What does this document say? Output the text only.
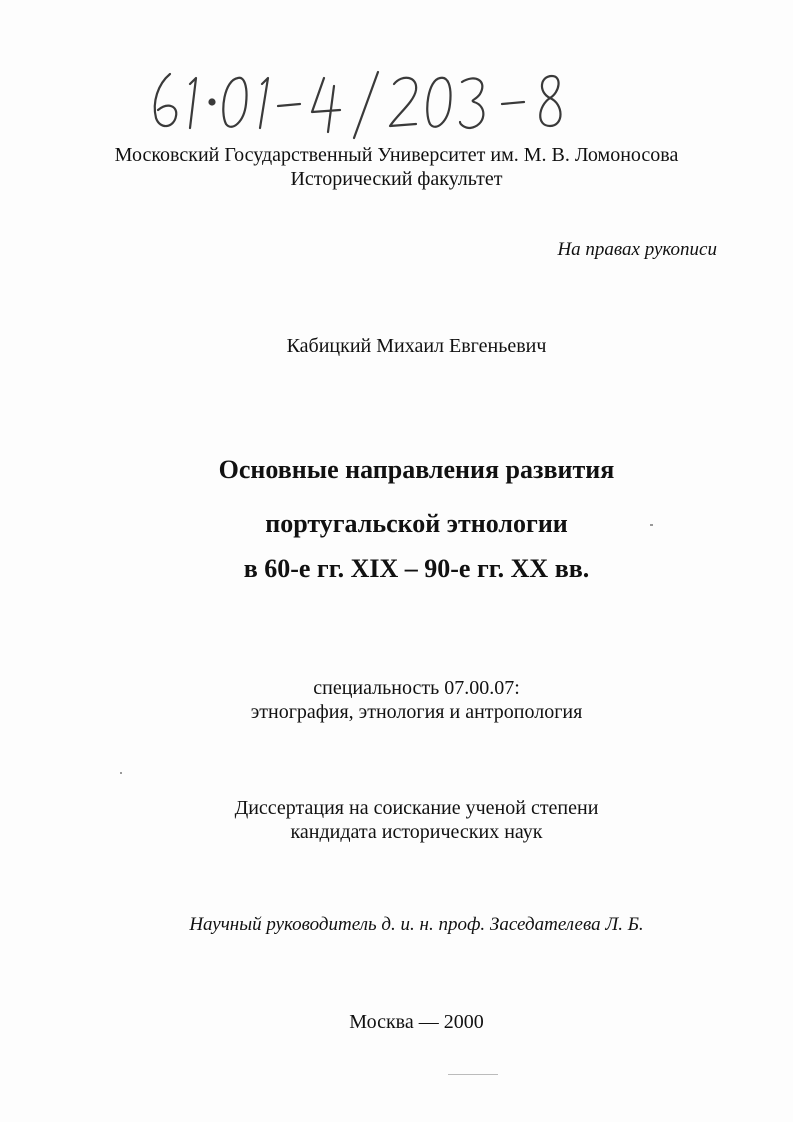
Московский Государственный Университет им. М. В. Ломоносова
Исторический факультет
На правах рукописи
Кабицкий Михаил Евгеньевич
Основные направления развития
португальской этнологии
в 60-е гг. XIX – 90-е гг. XX вв.
специальность 07.00.07:
этнография, этнология и антропология
Диссертация на соискание ученой степени
кандидата исторических наук
Научный руководитель д. и. н. проф. Заседателева Л. Б.
Москва — 2000
